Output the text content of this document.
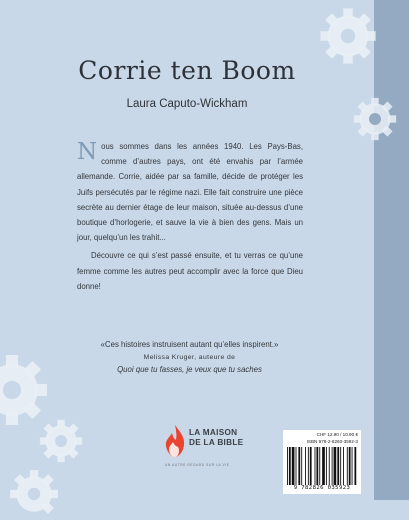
Corrie ten Boom
Laura Caputo-Wickham

Nous sommes dans les années 1940. Les Pays-Bas, comme d’autres pays, ont été envahis par l’armée allemande. Corrie, aidée par sa famille, décide de protéger les Juifs persécutés par le régime nazi. Elle fait construire une pièce secrète au dernier étage de leur maison, située au-dessus d’une boutique d’horlogerie, et sauve la vie à bien des gens. Mais un jour, quelqu’un les trahit...

Découvre ce qui s’est passé ensuite, et tu verras ce qu’une femme comme les autres peut accomplir avec la force que Dieu donne!

«Ces histoires instruisent autant qu’elles inspirent.»
Melissa Kruger, auteure de
Quoi que tu fasses, je veux que tu saches
LA MAISON
DE LA BIBLE
UN AUTRE REGARD SUR LA VIE
CHF 12.90 / 10.90 €
ISBN 978-2-8260-3592-3
9 782826 035923
